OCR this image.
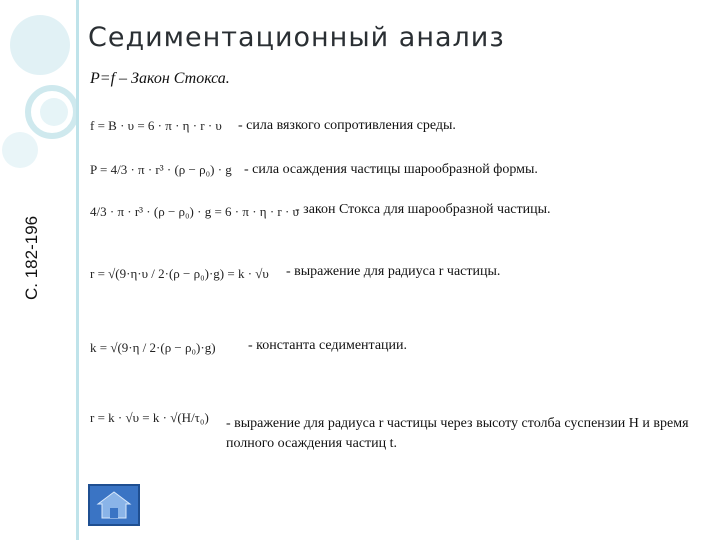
Седиментационный анализ
P=f – Закон Стокса.
С. 182-196
f = B · υ = 6 · π · η · r · υ - сила вязкого сопротивления среды.
P = 4/3 · π · r³ · (ρ − ρ₀) · g - сила осаждения частицы шарообразной формы.
4/3 · π · r³ · (ρ − ρ₀) · g = 6 · π · η · r · υ
- закон Стокса для шарообразной частицы.
r = √(9·η·υ / 2·(ρ − ρ₀)·g) = k · √υ - выражение для радиуса r частицы.
k = √(9·η / 2·(ρ − ρ₀)·g) - константа седиментации.
r = k · √υ = k · √(H/τ₀) - выражение для радиуса r частицы через высоту столба суспензии H и время полного осаждения частиц t.
